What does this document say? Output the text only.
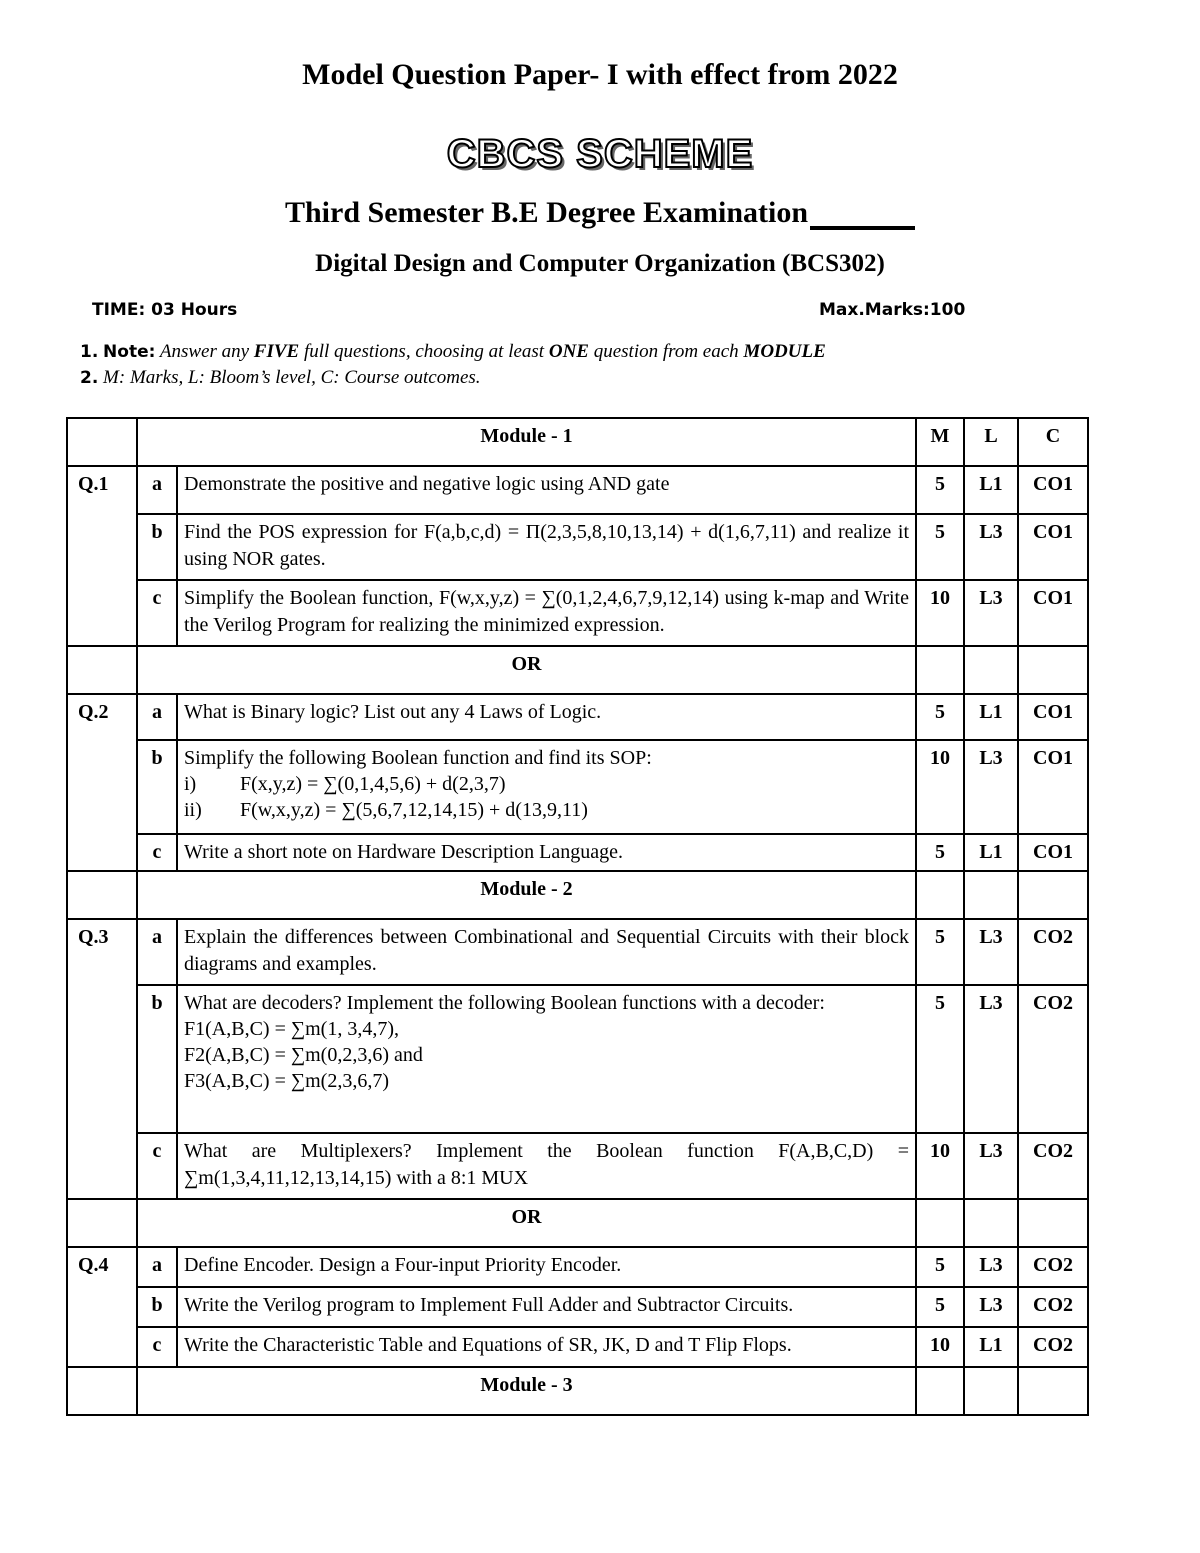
Model Question Paper- I with effect from 2022
CBCS SCHEME
Third Semester B.E Degree Examination
Digital Design and Computer Organization (BCS302)
TIME: 03 Hours	Max.Marks:100
1. Note: Answer any FIVE full questions, choosing at least ONE question from each MODULE
2. M: Marks, L: Bloom’s level, C: Course outcomes.
	Module - 1		M	L	C
Q.1	a	Demonstrate the positive and negative logic using AND gate	5	L1	CO1
	b	Find the POS expression for F(a,b,c,d) = Π(2,3,5,8,10,13,14) + d(1,6,7,11) and realize it using NOR gates.	5	L3	CO1
	c	Simplify the Boolean function, F(w,x,y,z) = ∑(0,1,2,4,6,7,9,12,14) using k-map and Write the Verilog Program for realizing the minimized expression.	10	L3	CO1
	OR				
Q.2	a	What is Binary logic? List out any 4 Laws of Logic.	5	L1	CO1
	b	Simplify the following Boolean function and find its SOP:
i) F(x,y,z) = ∑(0,1,4,5,6) + d(2,3,7)
ii) F(w,x,y,z) = ∑(5,6,7,12,14,15) + d(13,9,11)	10	L3	CO1
	c	Write a short note on Hardware Description Language.	5	L1	CO1
	Module - 2				
Q.3	a	Explain the differences between Combinational and Sequential Circuits with their block diagrams and examples.	5	L3	CO2
	b	What are decoders? Implement the following Boolean functions with a decoder:
F1(A,B,C) = ∑m(1, 3,4,7),
F2(A,B,C) = ∑m(0,2,3,6) and
F3(A,B,C) = ∑m(2,3,6,7)	5	L3	CO2
	c	What are Multiplexers? Implement the Boolean function F(A,B,C,D) = ∑m(1,3,4,11,12,13,14,15) with a 8:1 MUX	10	L3	CO2
	OR				
Q.4	a	Define Encoder. Design a Four-input Priority Encoder.	5	L3	CO2
	b	Write the Verilog program to Implement Full Adder and Subtractor Circuits.	5	L3	CO2
	c	Write the Characteristic Table and Equations of SR, JK, D and T Flip Flops.	10	L1	CO2
	Module - 3				
